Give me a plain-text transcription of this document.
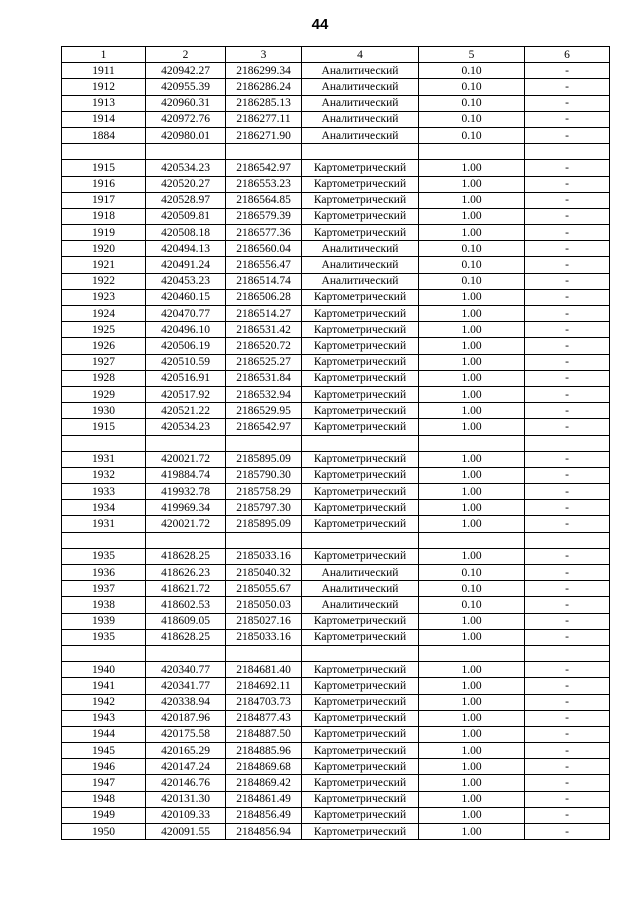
44
1	2	3	4	5	6
1911	420942.27	2186299.34	Аналитический	0.10	-
1912	420955.39	2186286.24	Аналитический	0.10	-
1913	420960.31	2186285.13	Аналитический	0.10	-
1914	420972.76	2186277.11	Аналитический	0.10	-
1884	420980.01	2186271.90	Аналитический	0.10	-

1915	420534.23	2186542.97	Картометрический	1.00	-
1916	420520.27	2186553.23	Картометрический	1.00	-
1917	420528.97	2186564.85	Картометрический	1.00	-
1918	420509.81	2186579.39	Картометрический	1.00	-
1919	420508.18	2186577.36	Картометрический	1.00	-
1920	420494.13	2186560.04	Аналитический	0.10	-
1921	420491.24	2186556.47	Аналитический	0.10	-
1922	420453.23	2186514.74	Аналитический	0.10	-
1923	420460.15	2186506.28	Картометрический	1.00	-
1924	420470.77	2186514.27	Картометрический	1.00	-
1925	420496.10	2186531.42	Картометрический	1.00	-
1926	420506.19	2186520.72	Картометрический	1.00	-
1927	420510.59	2186525.27	Картометрический	1.00	-
1928	420516.91	2186531.84	Картометрический	1.00	-
1929	420517.92	2186532.94	Картометрический	1.00	-
1930	420521.22	2186529.95	Картометрический	1.00	-
1915	420534.23	2186542.97	Картометрический	1.00	-

1931	420021.72	2185895.09	Картометрический	1.00	-
1932	419884.74	2185790.30	Картометрический	1.00	-
1933	419932.78	2185758.29	Картометрический	1.00	-
1934	419969.34	2185797.30	Картометрический	1.00	-
1931	420021.72	2185895.09	Картометрический	1.00	-

1935	418628.25	2185033.16	Картометрический	1.00	-
1936	418626.23	2185040.32	Аналитический	0.10	-
1937	418621.72	2185055.67	Аналитический	0.10	-
1938	418602.53	2185050.03	Аналитический	0.10	-
1939	418609.05	2185027.16	Картометрический	1.00	-
1935	418628.25	2185033.16	Картометрический	1.00	-

1940	420340.77	2184681.40	Картометрический	1.00	-
1941	420341.77	2184692.11	Картометрический	1.00	-
1942	420338.94	2184703.73	Картометрический	1.00	-
1943	420187.96	2184877.43	Картометрический	1.00	-
1944	420175.58	2184887.50	Картометрический	1.00	-
1945	420165.29	2184885.96	Картометрический	1.00	-
1946	420147.24	2184869.68	Картометрический	1.00	-
1947	420146.76	2184869.42	Картометрический	1.00	-
1948	420131.30	2184861.49	Картометрический	1.00	-
1949	420109.33	2184856.49	Картометрический	1.00	-
1950	420091.55	2184856.94	Картометрический	1.00	-
